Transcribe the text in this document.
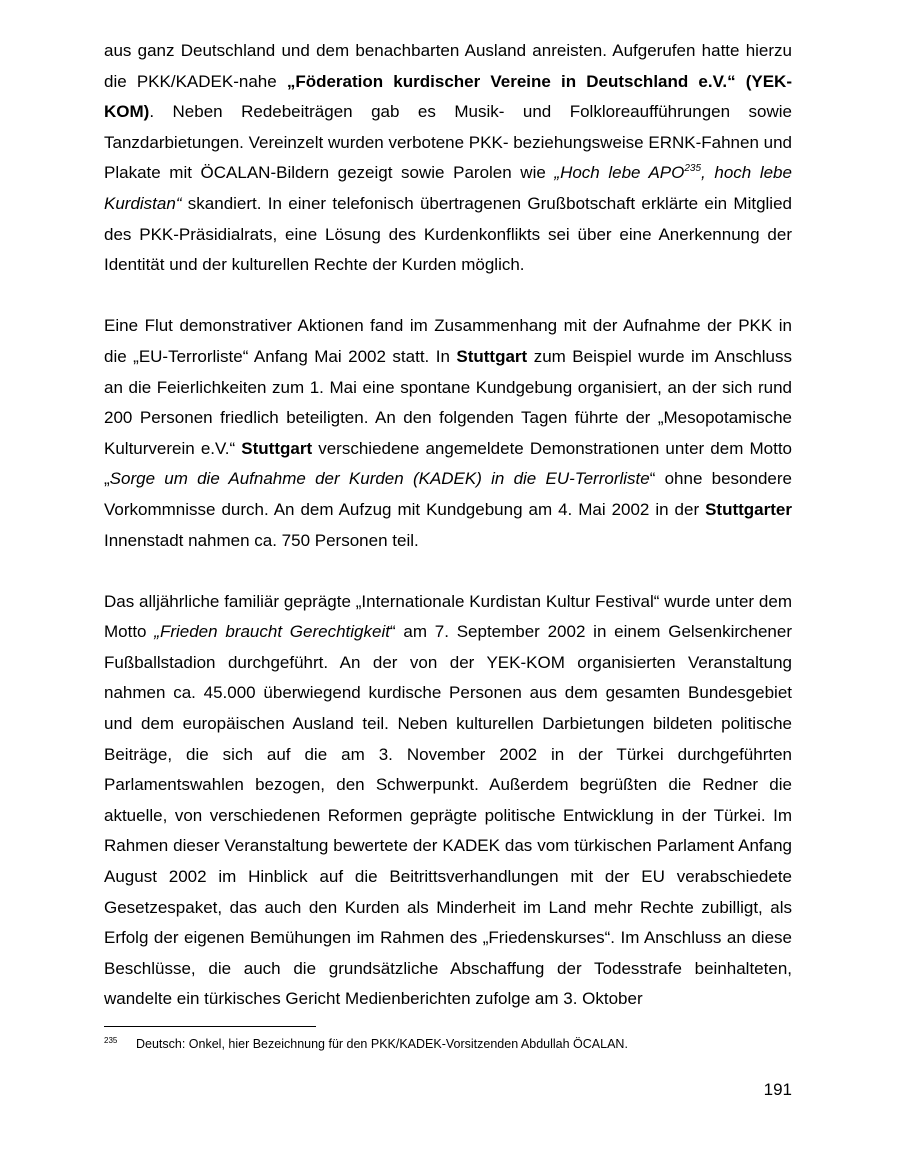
aus ganz Deutschland und dem benachbarten Ausland anreisten. Aufgerufen hatte hierzu die PKK/KADEK-nahe „Föderation kurdischer Vereine in Deutschland e.V.“ (YEK-KOM). Neben Redebeiträgen gab es Musik- und Folkloreaufführungen sowie Tanzdarbietungen. Vereinzelt wurden verbotene PKK- beziehungsweise ERNK-Fahnen und Plakate mit ÖCALAN-Bildern gezeigt sowie Parolen wie „Hoch lebe APO$^{235}$, hoch lebe Kurdistan“ skandiert. In einer telefonisch übertragenen Grußbotschaft erklärte ein Mitglied des PKK-Präsidialrats, eine Lösung des Kurdenkonflikts sei über eine Anerkennung der Identität und der kulturellen Rechte der Kurden möglich.

Eine Flut demonstrativer Aktionen fand im Zusammenhang mit der Aufnahme der PKK in die „EU-Terrorliste“ Anfang Mai 2002 statt. In Stuttgart zum Beispiel wurde im Anschluss an die Feierlichkeiten zum 1. Mai eine spontane Kundgebung organisiert, an der sich rund 200 Personen friedlich beteiligten. An den folgenden Tagen führte der „Mesopotamische Kulturverein e.V.“ Stuttgart verschiedene angemeldete Demonstrationen unter dem Motto „Sorge um die Aufnahme der Kurden (KADEK) in die EU-Terrorliste“ ohne besondere Vorkommnisse durch. An dem Aufzug mit Kundgebung am 4. Mai 2002 in der Stuttgarter Innenstadt nahmen ca. 750 Personen teil.

Das alljährliche familiär geprägte „Internationale Kurdistan Kultur Festival“ wurde unter dem Motto „Frieden braucht Gerechtigkeit“ am 7. September 2002 in einem Gelsenkirchener Fußballstadion durchgeführt. An der von der YEK-KOM organisierten Veranstaltung nahmen ca. 45.000 überwiegend kurdische Personen aus dem gesamten Bundesgebiet und dem europäischen Ausland teil. Neben kulturellen Darbietungen bildeten politische Beiträge, die sich auf die am 3. November 2002 in der Türkei durchgeführten Parlamentswahlen bezogen, den Schwerpunkt. Außerdem begrüßten die Redner die aktuelle, von verschiedenen Reformen geprägte politische Entwicklung in der Türkei. Im Rahmen dieser Veranstaltung bewertete der KADEK das vom türkischen Parlament Anfang August 2002 im Hinblick auf die Beitrittsverhandlungen mit der EU verabschiedete Gesetzespaket, das auch den Kurden als Minderheit im Land mehr Rechte zubilligt, als Erfolg der eigenen Bemühungen im Rahmen des „Friedenskurses“. Im Anschluss an diese Beschlüsse, die auch die grundsätzliche Abschaffung der Todesstrafe beinhalteten, wandelte ein türkisches Gericht Medienberichten zufolge am 3. Oktober

235 Deutsch: Onkel, hier Bezeichnung für den PKK/KADEK-Vorsitzenden Abdullah ÖCALAN.
191
